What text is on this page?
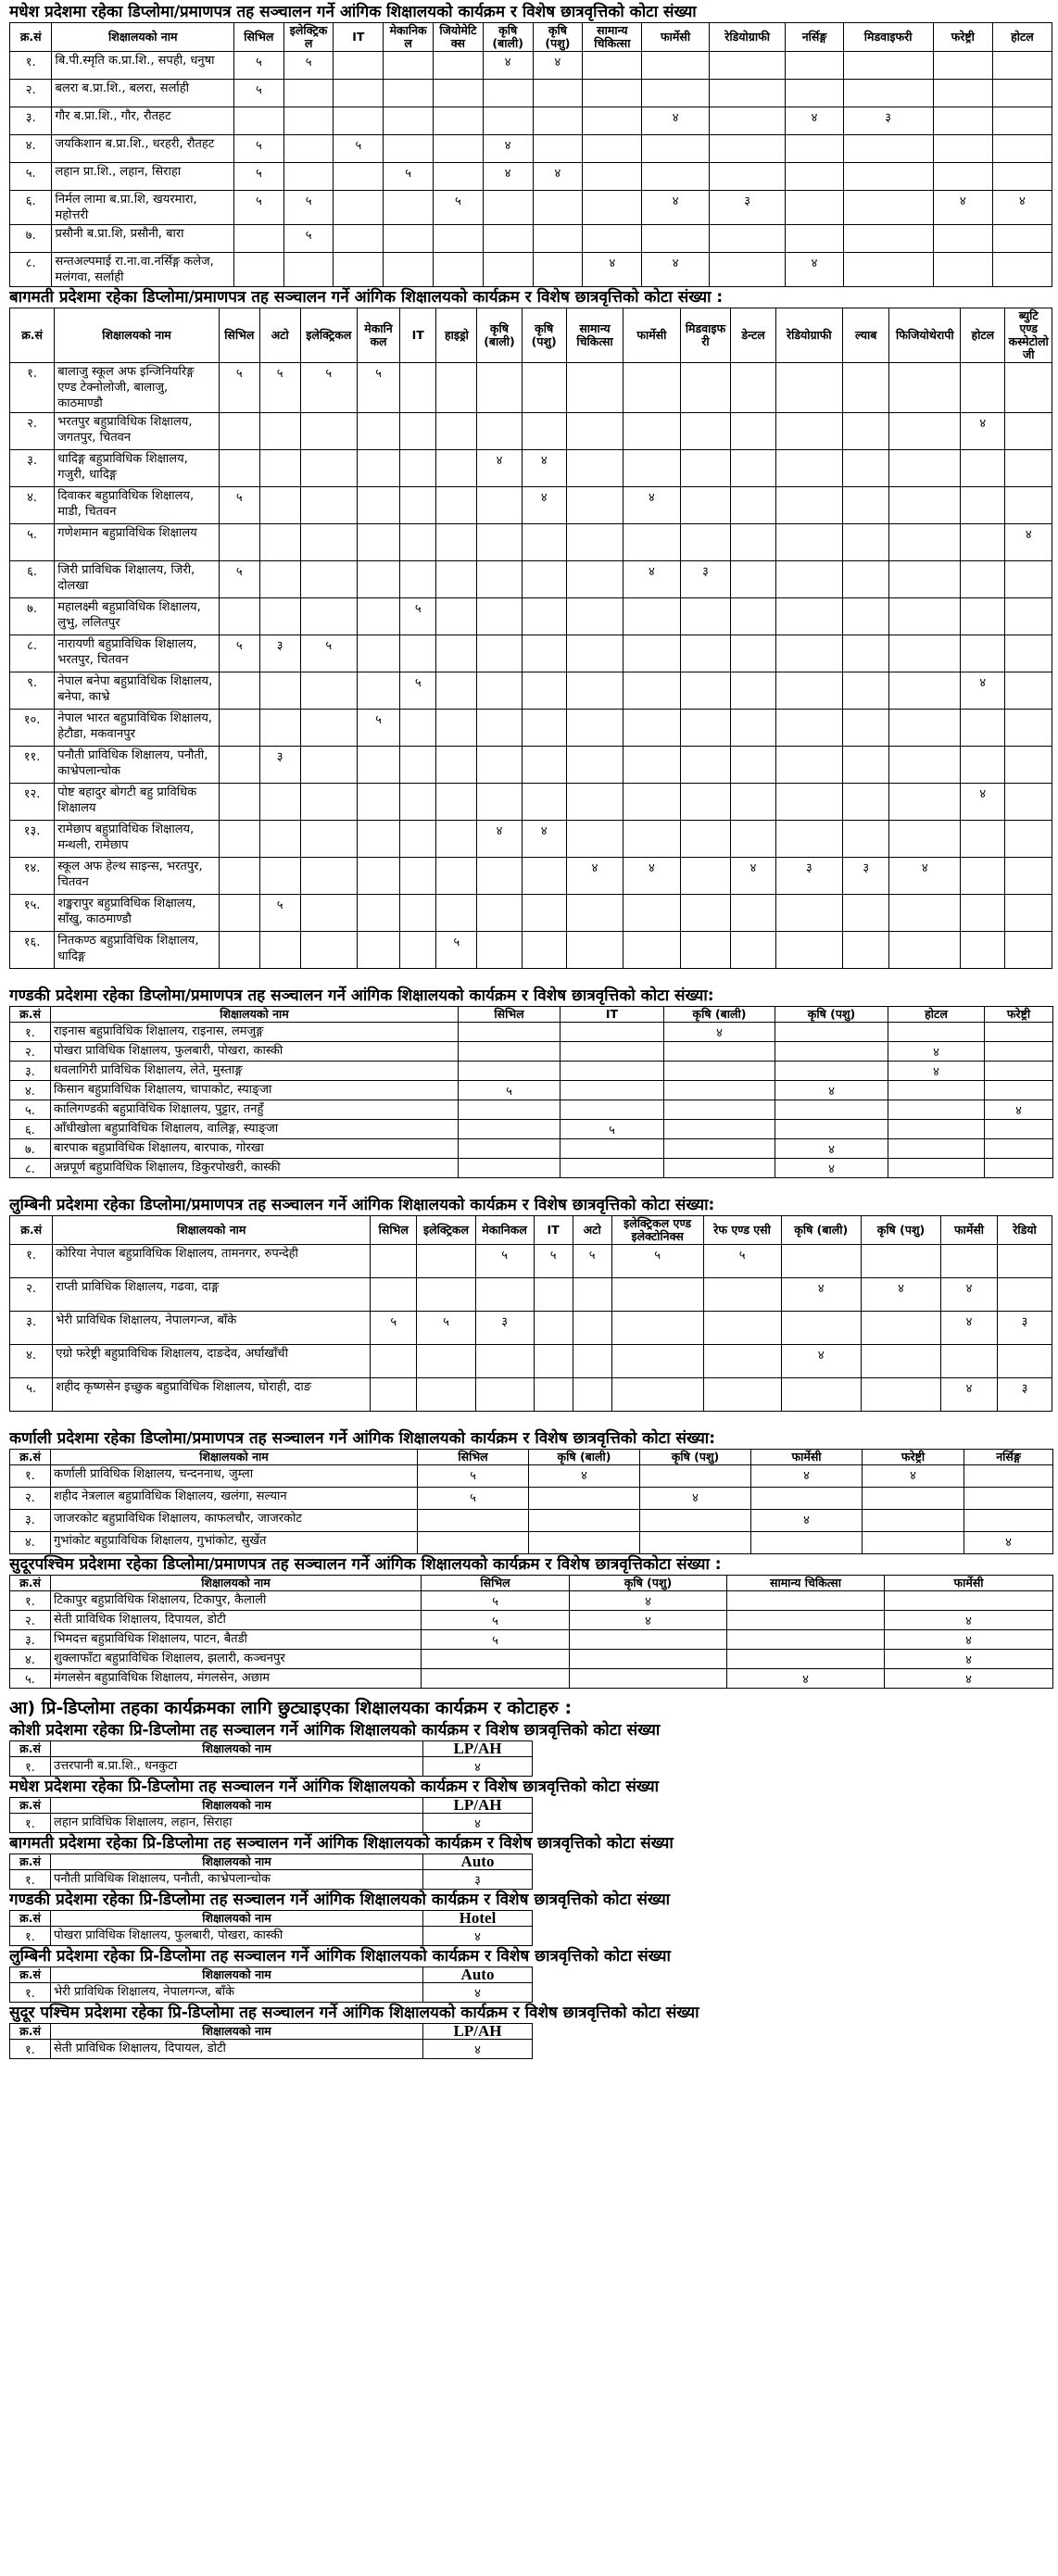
मधेश प्रदेशमा रहेका डिप्लोमा/प्रमाणपत्र तह सञ्चालन गर्ने आंगिक शिक्षालयको कार्यक्रम र विशेष छात्रवृत्तिको कोटा संख्या
क्र.सं	शिक्षालयको नाम	सिभिल	इलेक्ट्रिकल	IT	मेकानिकल	जियोमेटिक्स	कृषि (बाली)	कृषि (पशु)	सामान्य चिकित्सा	फार्मेसी	रेडियोग्राफी	नर्सिङ्ग	मिडवाइफरी	फरेष्ट्री	होटल
१.	बि.पी.स्मृति क.प्रा.शि., सपही, धनुषा	५	५				४	४							
२.	बलरा ब.प्रा.शि., बलरा, सर्लाही	५													
३.	गौर ब.प्रा.शि., गौर, रौतहट									४		४	३		
४.	जयकिशान ब.प्रा.शि., धरहरी, रौतहट	५		५			४								
५.	लहान प्रा.शि., लहान, सिराहा	५			५		४	४							
६.	निर्मल लामा ब.प्रा.शि, खयरमारा, महोत्तरी	५	५			५				४	३			४	४
७.	प्रसौनी ब.प्रा.शि, प्रसौनी, बारा		५												
८.	सन्तअल्पमाई रा.ना.वा.नर्सिङ्ग कलेज, मलंगवा, सर्लाही								४	४		४			
बागमती प्रदेशमा रहेका डिप्लोमा/प्रमाणपत्र तह सञ्चालन गर्ने आंगिक शिक्षालयको कार्यक्रम र विशेष छात्रवृत्तिको कोटा संख्या :
क्र.सं	शिक्षालयको नाम	सिभिल	अटो	इलेक्ट्रिकल	मेकानिकल	IT	हाइड्रो	कृषि (बाली)	कृषि (पशु)	सामान्य चिकित्सा	फार्मेसी	मिडवाइफरी	डेन्टल	रेडियोग्राफी	ल्याब	फिजियोथेरापी	होटल	ब्युटि एण्ड कस्मेटोलोजी
१.	बालाजु स्कूल अफ इन्जिनियरिङ्ग एण्ड टेक्नोलोजी, बालाजु, काठमाण्डौ	५	५	५	५													
२.	भरतपुर बहुप्राविधिक शिक्षालय, जगतपुर, चितवन																४	
३.	धादिङ्ग बहुप्राविधिक शिक्षालय, गजुरी, धादिङ्ग							४	४									
४.	दिवाकर बहुप्राविधिक शिक्षालय, माडी, चितवन	५							४		४							
५.	गणेशमान बहुप्राविधिक शिक्षालय																	४
६.	जिरी प्राविधिक शिक्षालय, जिरी, दोलखा	५									४	३						
७.	महालक्ष्मी बहुप्राविधिक शिक्षालय, लुभु, ललितपुर					५												
८.	नारायणी बहुप्राविधिक शिक्षालय, भरतपुर, चितवन	५	३	५														
९.	नेपाल बनेपा बहुप्राविधिक शिक्षालय, बनेपा, काभ्रे					५											४	
१०.	नेपाल भारत बहुप्राविधिक शिक्षालय, हेटौडा, मकवानपुर				५													
११.	पनौती प्राविधिक शिक्षालय, पनौती, काभ्रेपलान्चोक		३															
१२.	पोष्ट बहादुर बोगटी बहु प्राविधिक शिक्षालय																४	
१३.	रामेछाप बहुप्राविधिक शिक्षालय, मन्थली, रामेछाप							४	४									
१४.	स्कूल अफ हेल्थ साइन्स, भरतपुर, चितवन									४	४		४	३	३	४		
१५.	शङ्खरापुर बहुप्राविधिक शिक्षालय, साँखु, काठमाण्डौ		५															
१६.	नितकण्ठ बहुप्राविधिक शिक्षालय, धादिङ्ग						५											
गण्डकी प्रदेशमा रहेका डिप्लोमा/प्रमाणपत्र तह सञ्चालन गर्ने आंगिक शिक्षालयको कार्यक्रम र विशेष छात्रवृत्तिको कोटा संख्या:
क्र.सं	शिक्षालयको नाम	सिभिल	IT	कृषि (बाली)	कृषि (पशु)	होटल	फरेष्ट्री
१.	राइनास बहुप्राविधिक शिक्षालय, राइनास, लमजुङ्ग			४			
२.	पोखरा प्राविधिक शिक्षालय, फुलबारी, पोखरा, कास्की					४	
३.	धवलागिरी प्राविधिक शिक्षालय, लेते, मुस्ताङ्ग					४	
४.	किसान बहुप्राविधिक शिक्षालय, चापाकोट, स्याङ्जा	५			४		
५.	कालिगण्डकी बहुप्राविधिक शिक्षालय, पुट्टार, तनहुँ						४
६.	आँधीखोला बहुप्राविधिक शिक्षालय, वालिङ्ग, स्याङ्जा		५				
७.	बारपाक बहुप्राविधिक शिक्षालय, बारपाक, गोरखा				४		
८.	अन्नपूर्ण बहुप्राविधिक शिक्षालय, डिकुरपोखरी, कास्की				४		
लुम्बिनी प्रदेशमा रहेका डिप्लोमा/प्रमाणपत्र तह सञ्चालन गर्ने आंगिक शिक्षालयको कार्यक्रम र विशेष छात्रवृत्तिको कोटा संख्या:
क्र.सं	शिक्षालयको नाम	सिभिल	इलेक्ट्रिकल	मेकानिकल	IT	अटो	इलेक्ट्रिकल एण्ड इलेक्टोनिक्स	रेफ एण्ड एसी	कृषि (बाली)	कृषि (पशु)	फार्मेसी	रेडियो
१.	कोरिया नेपाल बहुप्राविधिक शिक्षालय, तामनगर, रुपन्देही			५	५	५	५	५				
२.	राप्ती प्राविधिक शिक्षालय, गढवा, दाङ्ग								४	४	४	
३.	भेरी प्राविधिक शिक्षालय, नेपालगन्ज, बाँके	५	५	३							४	३
४.	एग्रो फरेष्ट्री बहुप्राविधिक शिक्षालय, दाङदेव, अर्घाखाँची								४			
५.	शहीद कृष्णसेन इच्छुक बहुप्राविधिक शिक्षालय, घोराही, दाङ										४	३
कर्णाली प्रदेशमा रहेका डिप्लोमा/प्रमाणपत्र तह सञ्चालन गर्ने आंगिक शिक्षालयको कार्यक्रम र विशेष छात्रवृत्तिको कोटा संख्या:
क्र.सं	शिक्षालयको नाम	सिभिल	कृषि (बाली)	कृषि (पशु)	फार्मेसी	फरेष्ट्री	नर्सिङ्ग
१.	कर्णाली प्राविधिक शिक्षालय, चन्दननाथ, जुम्ला	५	४		४	४	
२.	शहीद नेत्रलाल बहुप्राविधिक शिक्षालय, खलंगा, सल्यान	५		४			
३.	जाजरकोट बहुप्राविधिक शिक्षालय, काफलचौर, जाजरकोट				४		
४.	गुभांकोट बहुप्राविधिक शिक्षालय, गुभांकोट, सुर्खेत						४
सुदूरपश्चिम प्रदेशमा रहेका डिप्लोमा/प्रमाणपत्र तह सञ्चालन गर्ने आंगिक शिक्षालयको कार्यक्रम र विशेष छात्रवृत्तिकोटा संख्या :
क्र.सं	शिक्षालयको नाम	सिभिल	कृषि (पशु)	सामान्य चिकित्सा	फार्मेसी
१.	टिकापुर बहुप्राविधिक शिक्षालय, टिकापुर, कैलाली	५	४		
२.	सेती प्राविधिक शिक्षालय, दिपायल, डोटी	५	४		४
३.	भिमदत्त बहुप्राविधिक शिक्षालय, पाटन, बैतडी	५			४
४.	शुक्लाफाँटा बहुप्राविधिक शिक्षालय, झलारी, कञ्चनपुर				४
५.	मंगलसेन बहुप्राविधिक शिक्षालय, मंगलसेन, अछाम			४	४
आ) प्रि-डिप्लोमा तहका कार्यक्रमका लागि छुट्याइएका शिक्षालयका कार्यक्रम र कोटाहरु :
कोशी प्रदेशमा रहेका प्रि-डिप्लोमा तह सञ्चालन गर्ने आंगिक शिक्षालयको कार्यक्रम र विशेष छात्रवृत्तिको कोटा संख्या
क्र.सं	शिक्षालयको नाम	LP/AH
१.	उत्तरपानी ब.प्रा.शि., धनकुटा	४
मधेश प्रदेशमा रहेका प्रि-डिप्लोमा तह सञ्चालन गर्ने आंगिक शिक्षालयको कार्यक्रम र विशेष छात्रवृत्तिको कोटा संख्या
क्र.सं	शिक्षालयको नाम	LP/AH
१.	लहान प्राविधिक शिक्षालय, लहान, सिराहा	४
बागमती प्रदेशमा रहेका प्रि-डिप्लोमा तह सञ्चालन गर्ने आंगिक शिक्षालयको कार्यक्रम र विशेष छात्रवृत्तिको कोटा संख्या
क्र.सं	शिक्षालयको नाम	Auto
१.	पनौती प्राविधिक शिक्षालय, पनौती, काभ्रेपलान्चोक	३
गण्डकी प्रदेशमा रहेका प्रि-डिप्लोमा तह सञ्चालन गर्ने आंगिक शिक्षालयको कार्यक्रम र विशेष छात्रवृत्तिको कोटा संख्या
क्र.सं	शिक्षालयको नाम	Hotel
१.	पोखरा प्राविधिक शिक्षालय, फुलबारी, पोखरा, कास्की	४
लुम्बिनी प्रदेशमा रहेका प्रि-डिप्लोमा तह सञ्चालन गर्ने आंगिक शिक्षालयको कार्यक्रम र विशेष छात्रवृत्तिको कोटा संख्या
क्र.सं	शिक्षालयको नाम	Auto
१.	भेरी प्राविधिक शिक्षालय, नेपालगन्ज, बाँके	४
सुदूर पश्चिम प्रदेशमा रहेका प्रि-डिप्लोमा तह सञ्चालन गर्ने आंगिक शिक्षालयको कार्यक्रम र विशेष छात्रवृत्तिको कोटा संख्या
क्र.सं	शिक्षालयको नाम	LP/AH
१.	सेती प्राविधिक शिक्षालय, दिपायल, डोटी	४
